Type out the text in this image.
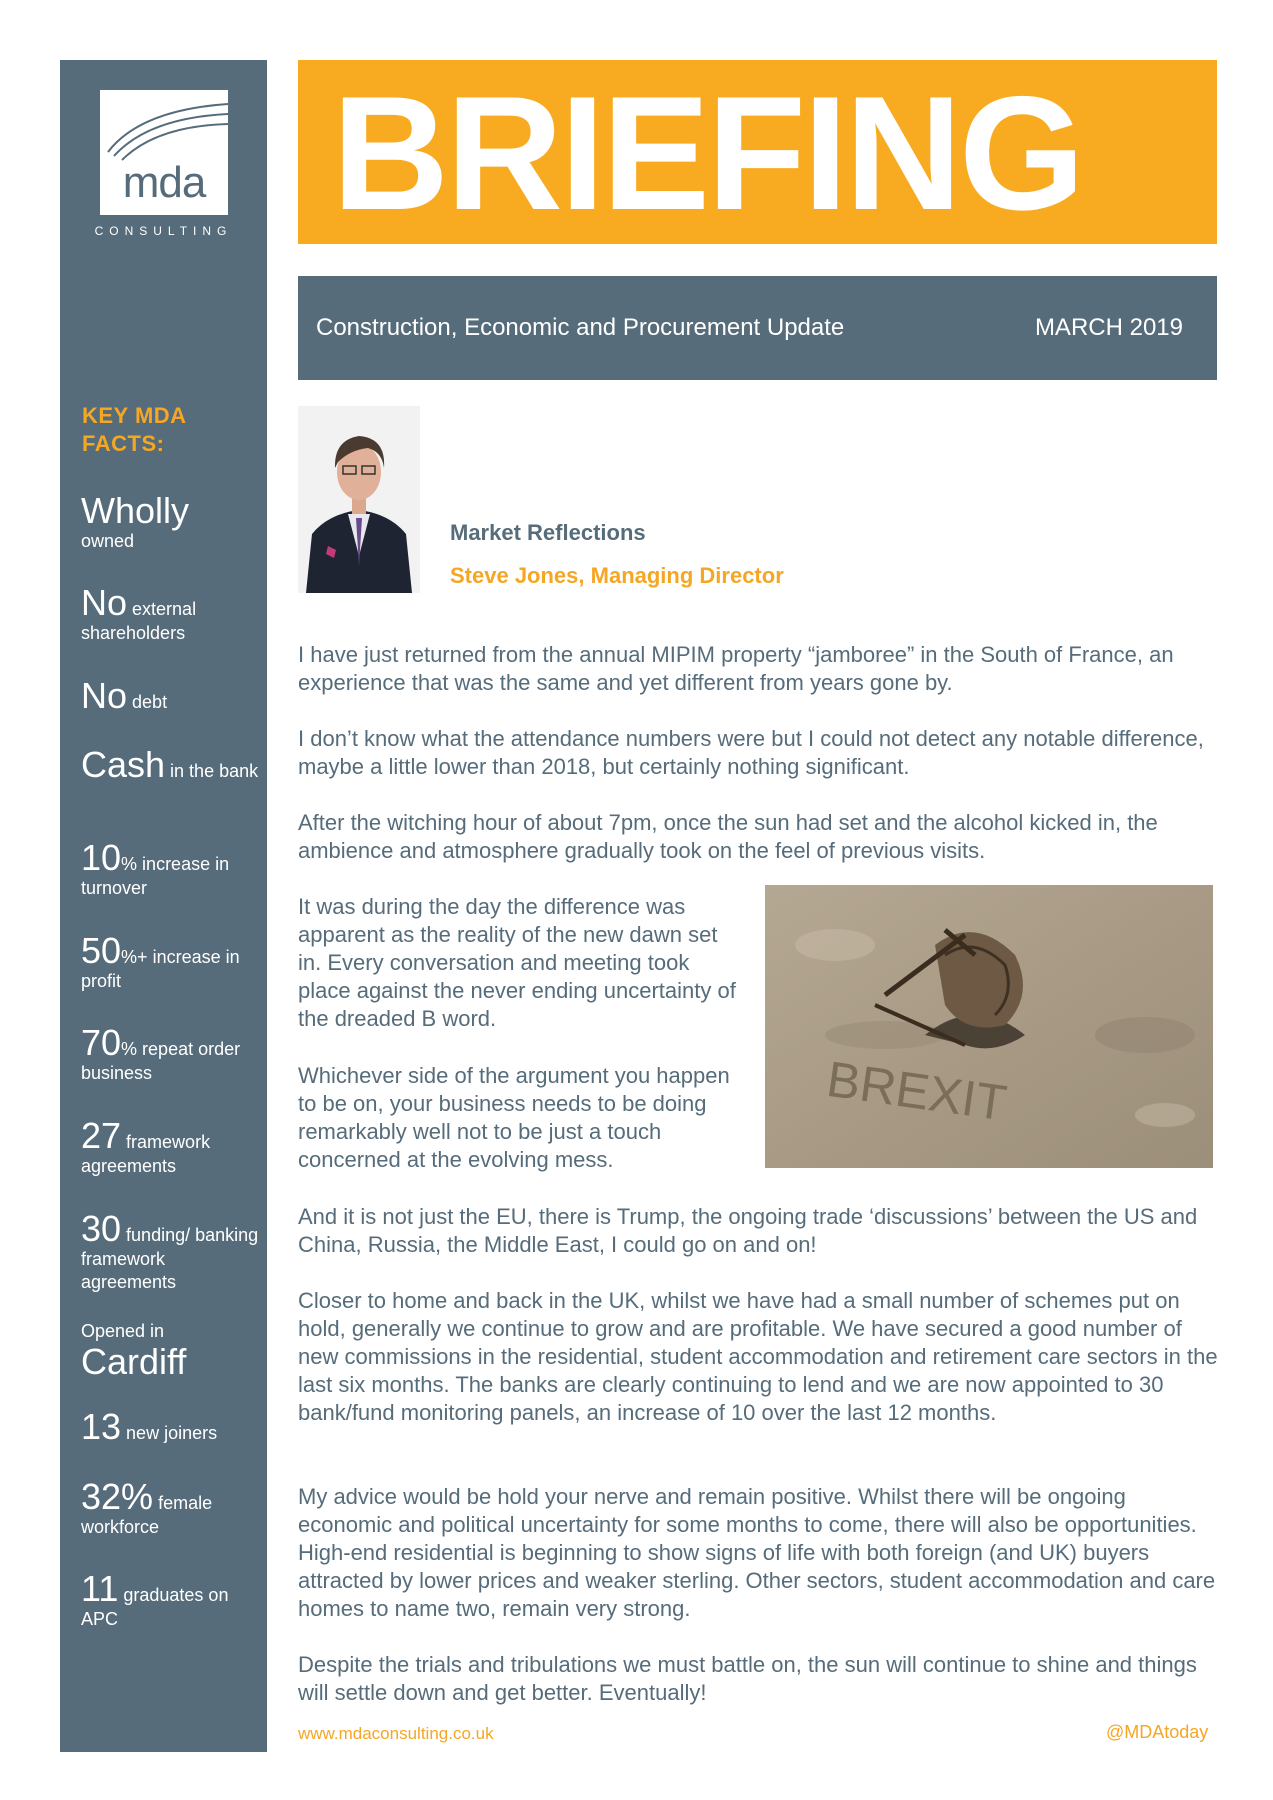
mda
CONSULTING
KEY MDA FACTS:
Wholly
owned
No external shareholders
No debt
Cash in the bank
10% increase in turnover
50%+ increase in profit
70% repeat order business
27 framework agreements
30 funding/ banking framework agreements
Opened in
Cardiff
13 new joiners
32% female workforce
11 graduates on APC
BRIEFING
Construction, Economic and Procurement Update	MARCH 2019
Market Reflections
Steve Jones, Managing Director
I have just returned from the annual MIPIM property “jamboree” in the South of France, an experience that was the same and yet different from years gone by.
I don’t know what the attendance numbers were but I could not detect any notable difference, maybe a little lower than 2018, but certainly nothing significant.
After the witching hour of about 7pm, once the sun had set and the alcohol kicked in, the ambience and atmosphere gradually took on the feel of previous visits.
It was during the day the difference was apparent as the reality of the new dawn set in. Every conversation and meeting took place against the never ending uncertainty of the dreaded B word.
Whichever side of the argument you happen to be on, your business needs to be doing remarkably well not to be just a touch concerned at the evolving mess.
And it is not just the EU, there is Trump, the ongoing trade ‘discussions’ between the US and China, Russia, the Middle East, I could go on and on!
Closer to home and back in the UK, whilst we have had a small number of schemes put on hold, generally we continue to grow and are profitable. We have secured a good number of new commissions in the residential, student accommodation and retirement care sectors in the last six months. The banks are clearly continuing to lend and we are now appointed to 30 bank/fund monitoring panels, an increase of 10 over the last 12 months.
My advice would be hold your nerve and remain positive. Whilst there will be ongoing economic and political uncertainty for some months to come, there will also be opportunities. High-end residential is beginning to show signs of life with both foreign (and UK) buyers attracted by lower prices and weaker sterling. Other sectors, student accommodation and care homes to name two, remain very strong.
Despite the trials and tribulations we must battle on, the sun will continue to shine and things will settle down and get better. Eventually!
BREXIT
www.mdaconsulting.co.uk	@MDAtoday
